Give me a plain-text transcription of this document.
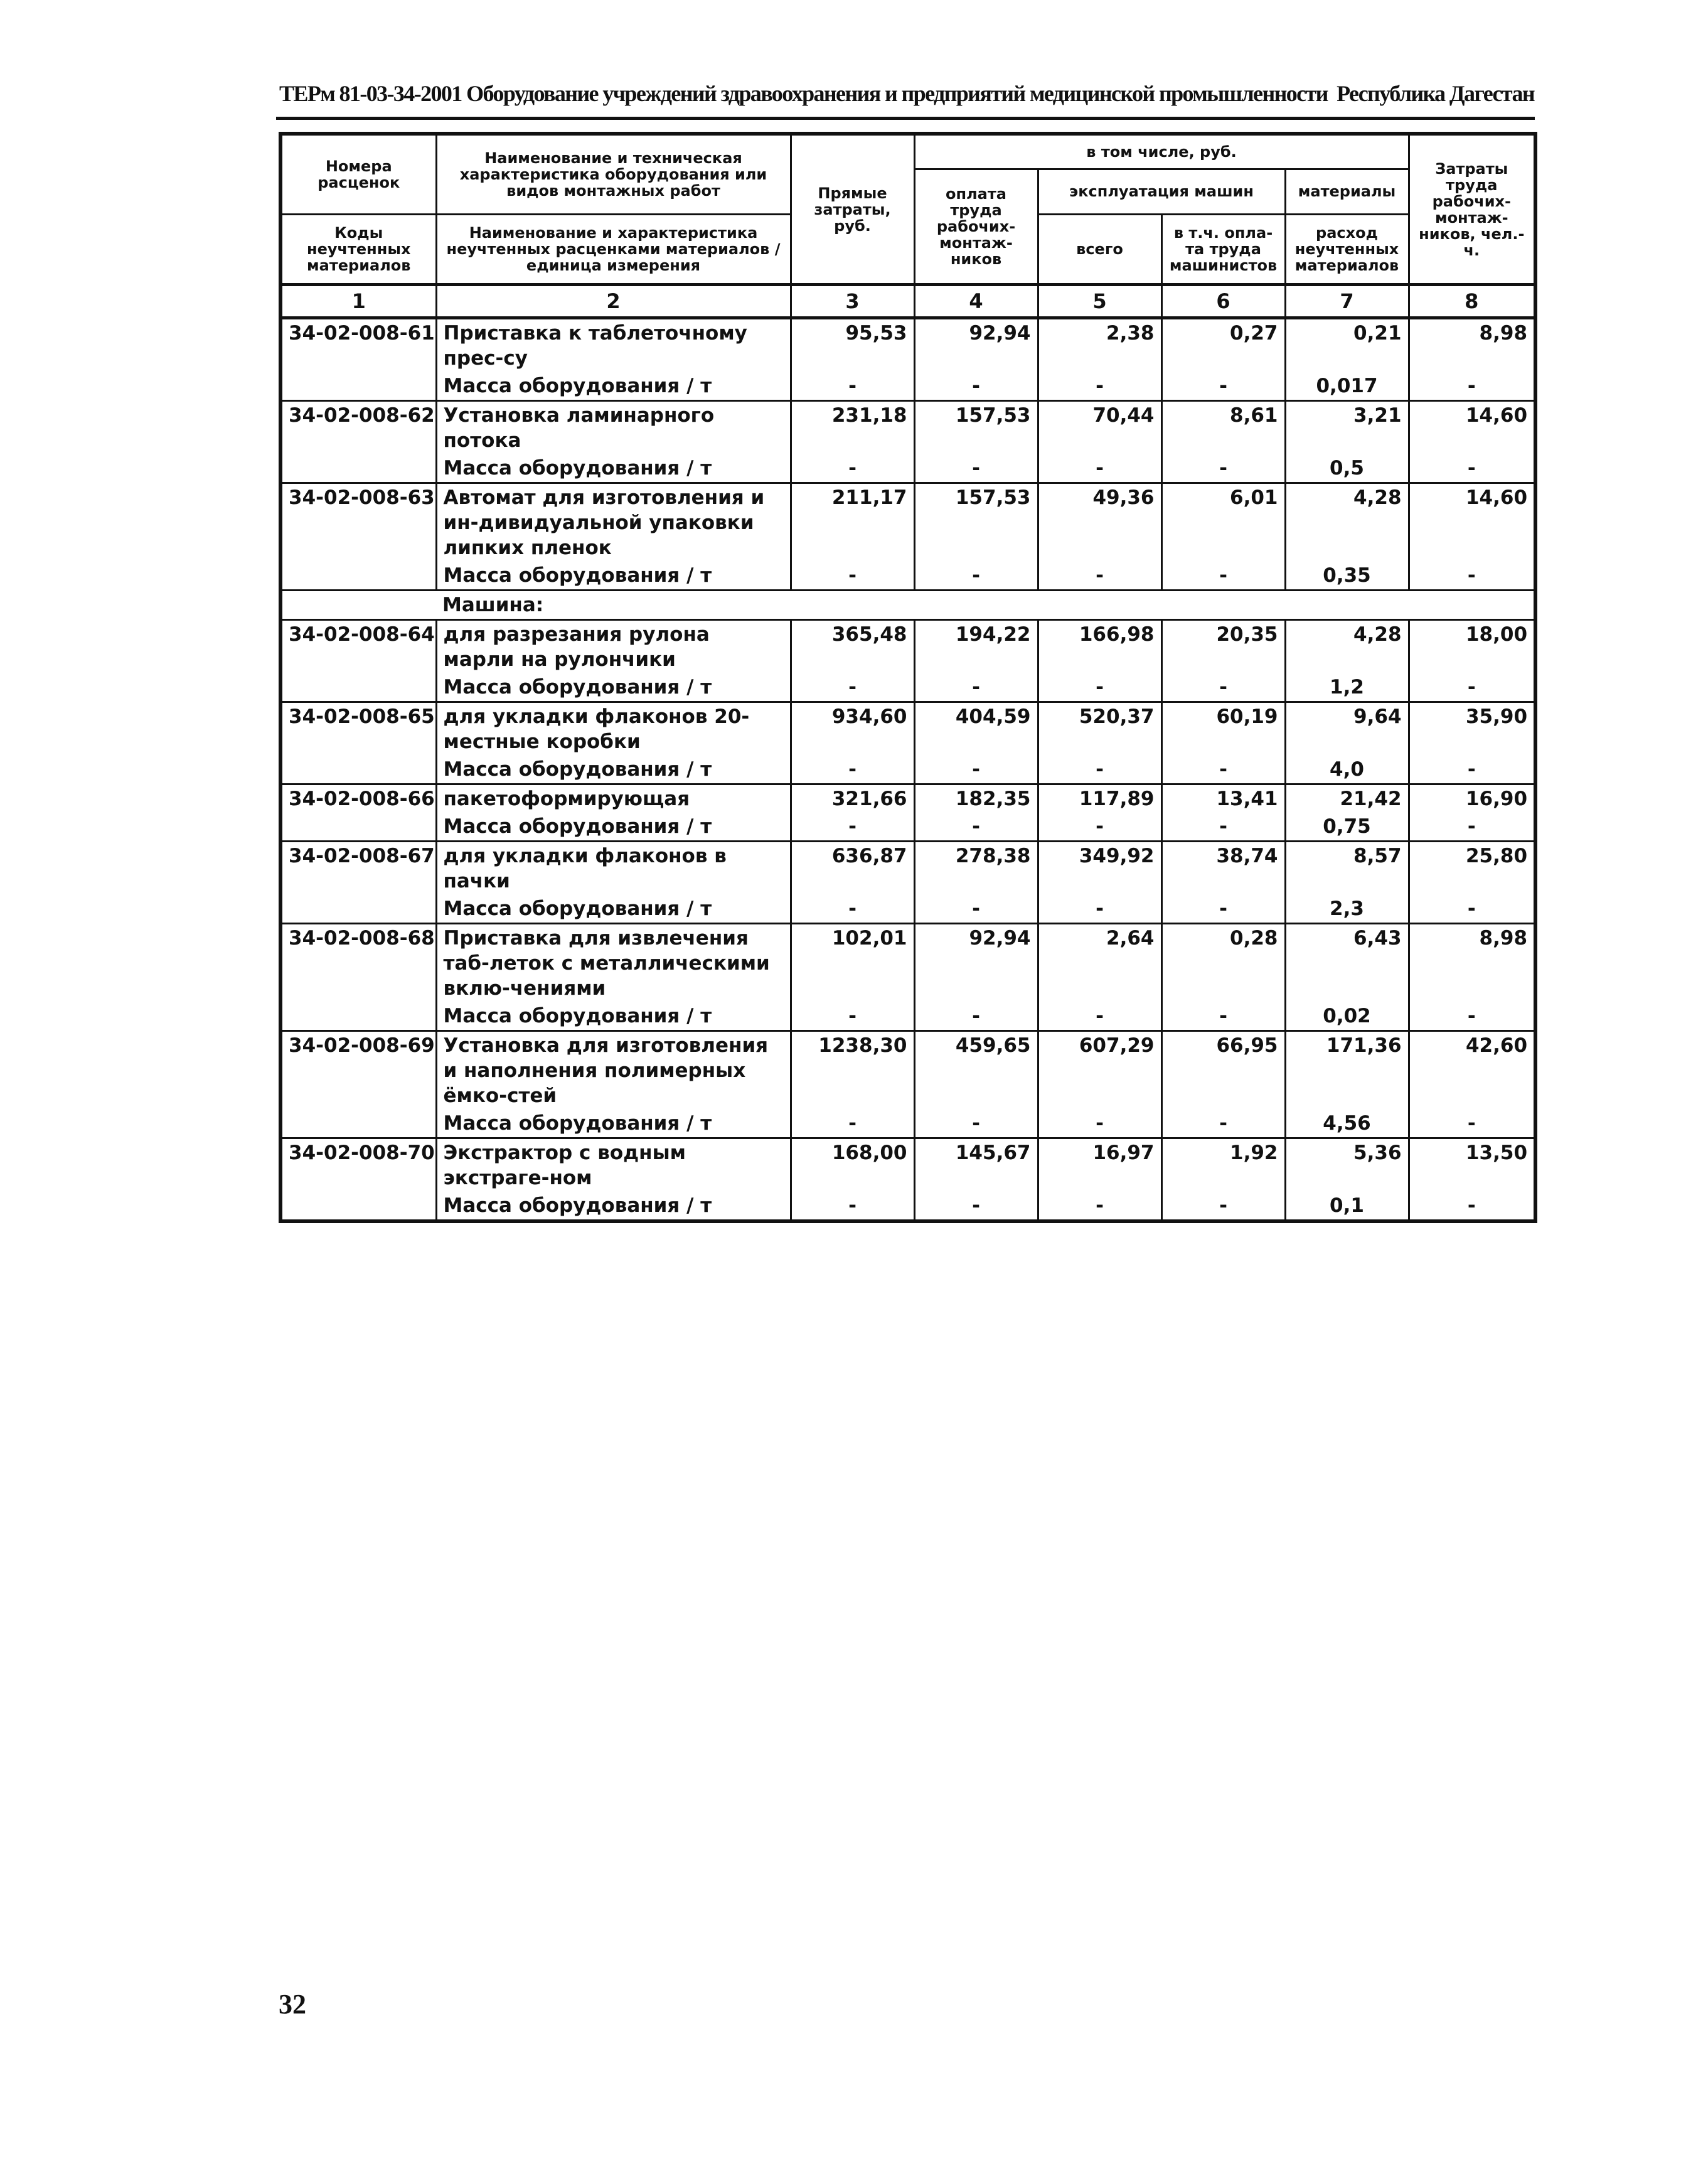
ТЕРм 81-03-34-2001 Оборудование учреждений здравоохранения и предприятий медицинской промышленности Республика Дагестан
Номера расценок	Наименование и техническая характеристика оборудования или видов монтажных работ	Прямые затраты, руб.	в том числе, руб.				Затраты труда рабочих-монтаж-ников, чел.-ч.
			оплата труда рабочих-монтаж-ников	эксплуатация машин		материалы	
Коды неучтенных материалов	Наименование и характеристика неучтенных расценками материалов / единица измерения			всего	в т.ч. опла-та труда машинистов	расход неучтенных материалов	

1	2	3	4	5	6	7	8
34-02-008-61	Приставка к таблеточному прес-су	95,53	92,94	2,38	0,27	0,21	8,98
	Масса оборудования / т	-	-	-	-	0,017	-
34-02-008-62	Установка ламинарного потока	231,18	157,53	70,44	8,61	3,21	14,60
	Масса оборудования / т	-	-	-	-	0,5	-
34-02-008-63	Автомат для изготовления и ин-дивидуальной упаковки липких пленок	211,17	157,53	49,36	6,01	4,28	14,60
	Масса оборудования / т	-	-	-	-	0,35	-
	Машина:						
34-02-008-64	для разрезания рулона марли на рулончики	365,48	194,22	166,98	20,35	4,28	18,00
	Масса оборудования / т	-	-	-	-	1,2	-
34-02-008-65	для укладки флаконов 20-местные коробки	934,60	404,59	520,37	60,19	9,64	35,90
	Масса оборудования / т	-	-	-	-	4,0	-
34-02-008-66	пакетоформирующая	321,66	182,35	117,89	13,41	21,42	16,90
	Масса оборудования / т	-	-	-	-	0,75	-
34-02-008-67	для укладки флаконов в пачки	636,87	278,38	349,92	38,74	8,57	25,80
	Масса оборудования / т	-	-	-	-	2,3	-
34-02-008-68	Приставка для извлечения таб-леток с металлическими вклю-чениями	102,01	92,94	2,64	0,28	6,43	8,98
	Масса оборудования / т	-	-	-	-	0,02	-
34-02-008-69	Установка для изготовления и наполнения полимерных ёмко-стей	1238,30	459,65	607,29	66,95	171,36	42,60
	Масса оборудования / т	-	-	-	-	4,56	-
34-02-008-70	Экстрактор с водным экстраге-ном	168,00	145,67	16,97	1,92	5,36	13,50
	Масса оборудования / т	-	-	-	-	0,1	-
32
